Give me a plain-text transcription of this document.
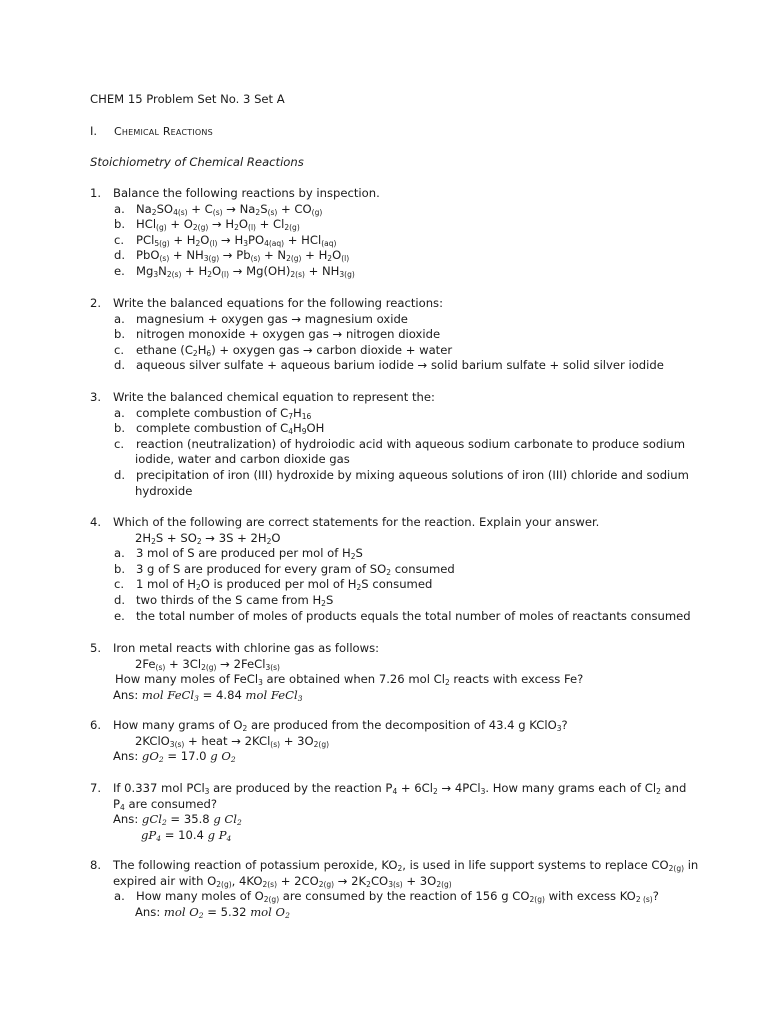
CHEM 15 Problem Set No. 3 Set A
I. Chemical Reactions
Stoichiometry of Chemical Reactions
1. Balance the following reactions by inspection.
a. $Na_2SO_{4(s)} + C_{(s)} \to Na_2S_{(s)} + CO_{(g)}$
b. $HCl_{(g)} + O_{2(g)} \to H_2O_{(l)} + Cl_{2(g)}$
c. $PCl_{5(g)} + H_2O_{(l)} \to H_3PO_{4(aq)} + HCl_{(aq)}$
d. $PbO_{(s)} + NH_{3(g)} \to Pb_{(s)} + N_{2(g)} + H_2O_{(l)}$
e. $Mg_3N_{2(s)} + H_2O_{(l)} \to Mg(OH)_{2(s)} + NH_{3(g)}$
2. Write the balanced equations for the following reactions:
a. magnesium + oxygen gas → magnesium oxide
b. nitrogen monoxide + oxygen gas → nitrogen dioxide
c. ethane $(C_2H_6)$ + oxygen gas → carbon dioxide + water
d. aqueous silver sulfate + aqueous barium iodide → solid barium sulfate + solid silver iodide
3. Write the balanced chemical equation to represent the:
a. complete combustion of $C_7H_{16}$
b. complete combustion of $C_4H_9OH$
c. reaction (neutralization) of hydroiodic acid with aqueous sodium carbonate to produce sodium
iodide, water and carbon dioxide gas
d. precipitation of iron (III) hydroxide by mixing aqueous solutions of iron (III) chloride and sodium
hydroxide
4. Which of the following are correct statements for the reaction. Explain your answer.
$2H_2S + SO_2 \to 3S + 2H_2O$
a. 3 mol of S are produced per mol of $H_2S$
b. 3 g of S are produced for every gram of $SO_2$ consumed
c. 1 mol of $H_2O$ is produced per mol of $H_2S$ consumed
d. two thirds of the S came from $H_2S$
e. the total number of moles of products equals the total number of moles of reactants consumed
5. Iron metal reacts with chlorine gas as follows:
$2Fe_{(s)} + 3Cl_{2(g)}$ → 2FeCl$_{3(s)}$
How many moles of FeCl$_3$ are obtained when 7.26 mol $Cl_2$ reacts with excess Fe?
Ans: mol FeCl$_3$ = 4.84 mol FeCl$_3$
6. How many grams of $O_2$ are produced from the decomposition of 43.4 g KClO$_3$?
2KClO$_{3(s)}$ + heat → $2KCl_{(s)} + 3O_{2(g)}$
Ans: $gO_2 = 17.0$ g $O_2$
7. If 0.337 mol PCl$_3$ are produced by the reaction $P_4 + 6Cl_2 \to 4PCl_3$. How many grams each of $Cl_2$ and
$P_4$ are consumed?
Ans: gCl$_2$ = 35.8 g $Cl_2$
$gP_4 = 10.4$ g $P_4$
8. The following reaction of potassium peroxide, $KO_2$, is used in life support systems to replace $CO_{2(g)}$ in
expired air with $O_{2(g)}$, $4KO_{2(s)} + 2CO_{2(g)} \to 2K_2CO_{3(s)} + 3O_{2(g)}$
a. How many moles of $O_{2(g)}$ are consumed by the reaction of 156 g $CO_{2(g)}$ with excess $KO_{2 (s)}$?
Ans: mol $O_2 = 5.32$ mol $O_2$
